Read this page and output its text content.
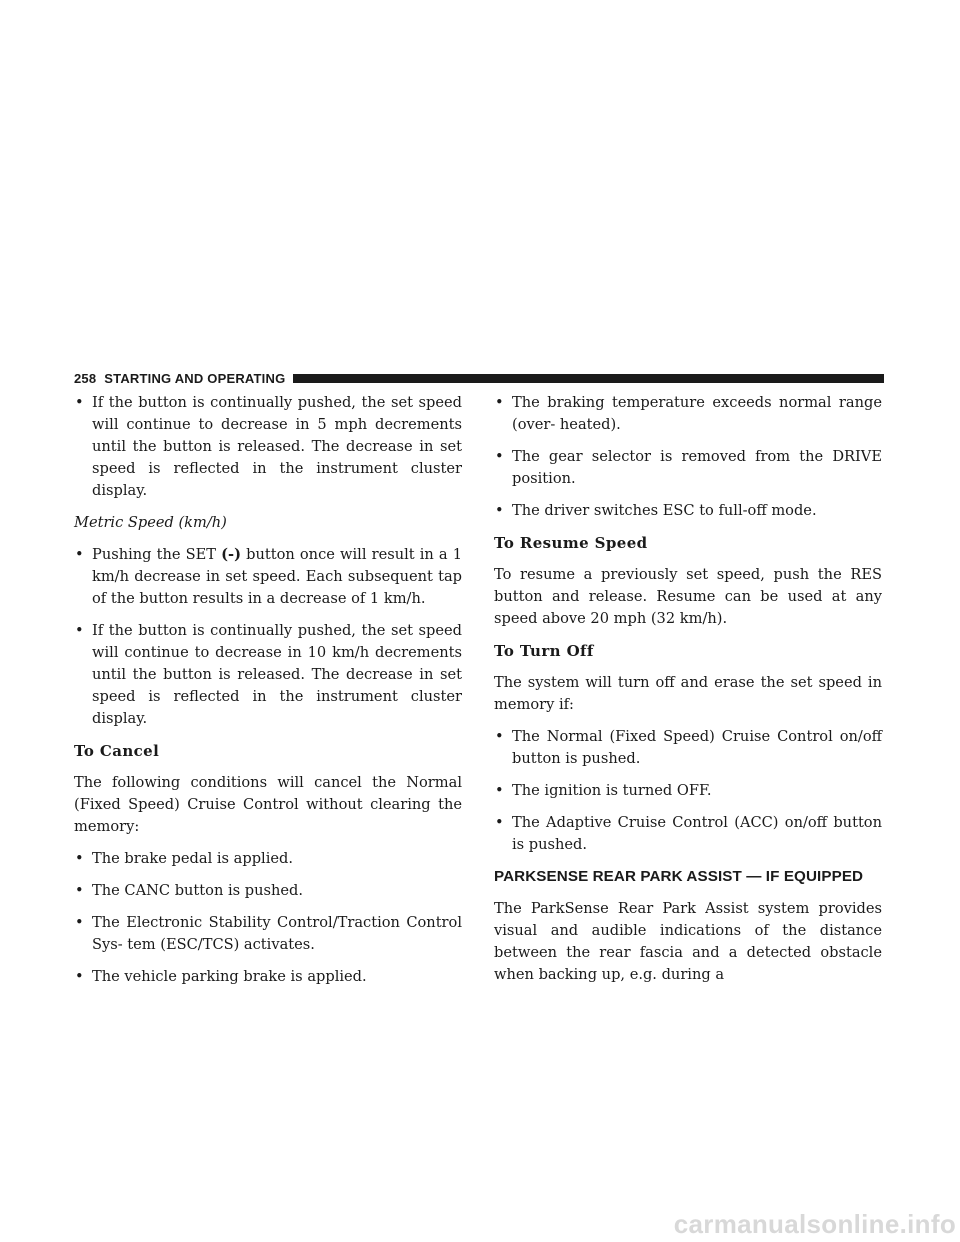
258 STARTING AND OPERATING
• If the button is continually pushed, the set speed will continue to decrease in 5 mph decrements until the button is released. The decrease in set speed is reflected in the instrument cluster display.
Metric Speed (km/h)
• Pushing the SET (-) button once will result in a 1 km/h decrease in set speed. Each subsequent tap of the button results in a decrease of 1 km/h.
• If the button is continually pushed, the set speed will continue to decrease in 10 km/h decrements until the button is released. The decrease in set speed is reflected in the instrument cluster display.
To Cancel
The following conditions will cancel the Normal (Fixed Speed) Cruise Control without clearing the memory:
• The brake pedal is applied.
• The CANC button is pushed.
• The Electronic Stability Control/Traction Control Sys- tem (ESC/TCS) activates.
• The vehicle parking brake is applied.
• The braking temperature exceeds normal range (over- heated).
• The gear selector is removed from the DRIVE position.
• The driver switches ESC to full-off mode.
To Resume Speed
To resume a previously set speed, push the RES button and release. Resume can be used at any speed above 20 mph (32 km/h).
To Turn Off
The system will turn off and erase the set speed in memory if:
• The Normal (Fixed Speed) Cruise Control on/off button is pushed.
• The ignition is turned OFF.
• The Adaptive Cruise Control (ACC) on/off button is pushed.
PARKSENSE REAR PARK ASSIST — IF EQUIPPED
The ParkSense Rear Park Assist system provides visual and audible indications of the distance between the rear fascia and a detected obstacle when backing up, e.g. during a
carmanualsonline.info
